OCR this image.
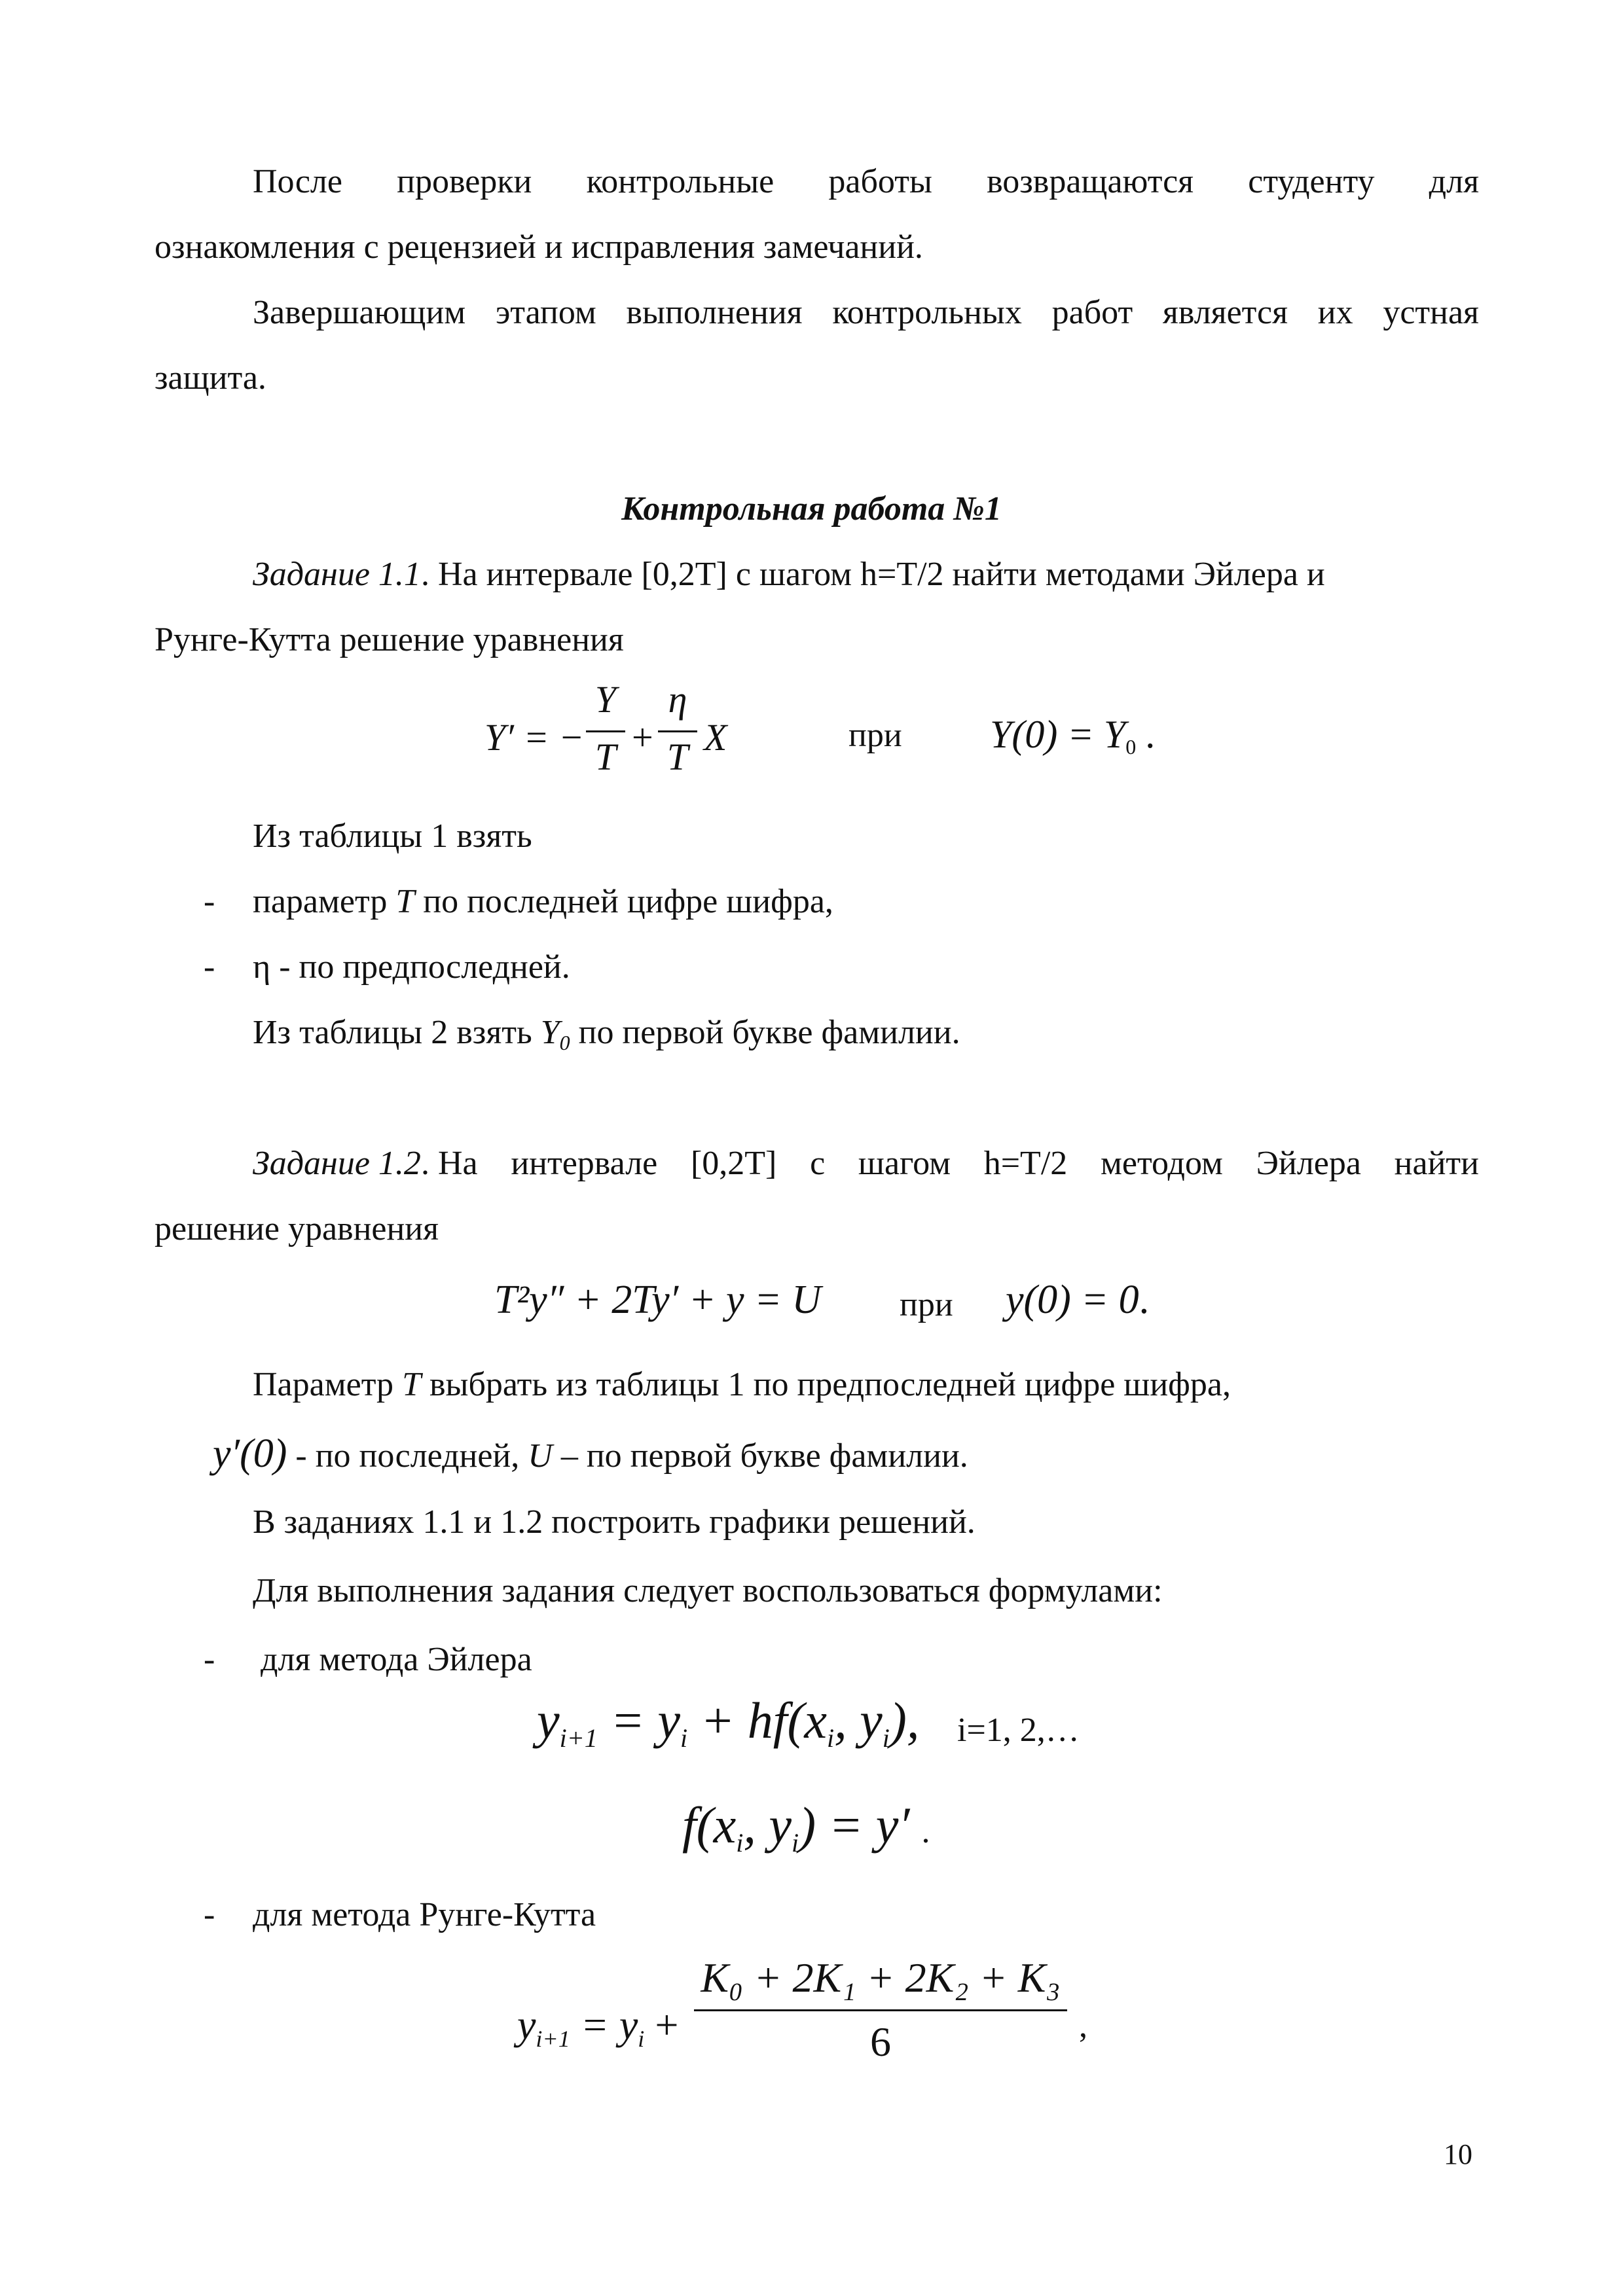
После проверки контрольные работы возвращаются студенту для
ознакомления с рецензией и исправления замечаний.
Завершающим этапом выполнения контрольных работ является их устная
защита.
Контрольная работа №1
Задание 1.1. На интервале [0,2T] с шагом h=T/2 найти методами Эйлера и
Рунге-Кутта решение уравнения
Y′ = −
Y
T +
η
T X	при $Y(0) = Y_0$ .
Из таблицы 1 взять
- параметр T по последней цифре шифра,
- η - по предпоследней.
Из таблицы 2 взять $Y_0$ по первой букве фамилии.
Задание 1.2. На интервале [0,2T] с шагом h=T/2 методом Эйлера найти
решение уравнения
T²y″ + 2Ty′ + y = U при y(0) = 0.
Параметр T выбрать из таблицы 1 по предпоследней цифре шифра,
y′(0) - по последней, U – по первой букве фамилии.
В заданиях 1.1 и 1.2 построить графики решений.
Для выполнения задания следует воспользоваться формулами:
- для метода Эйлера
$y_{i+1} = y_i + hf(x_i$, $y_i$), i=1, 2,…
$f(x_i$, $y_i) = y'$ .
- для метода Рунге-Кутта
$y_{i+1} = y_i$ +
K₀ + 2K₁ + 2K₂ + K₃
6	,
10
